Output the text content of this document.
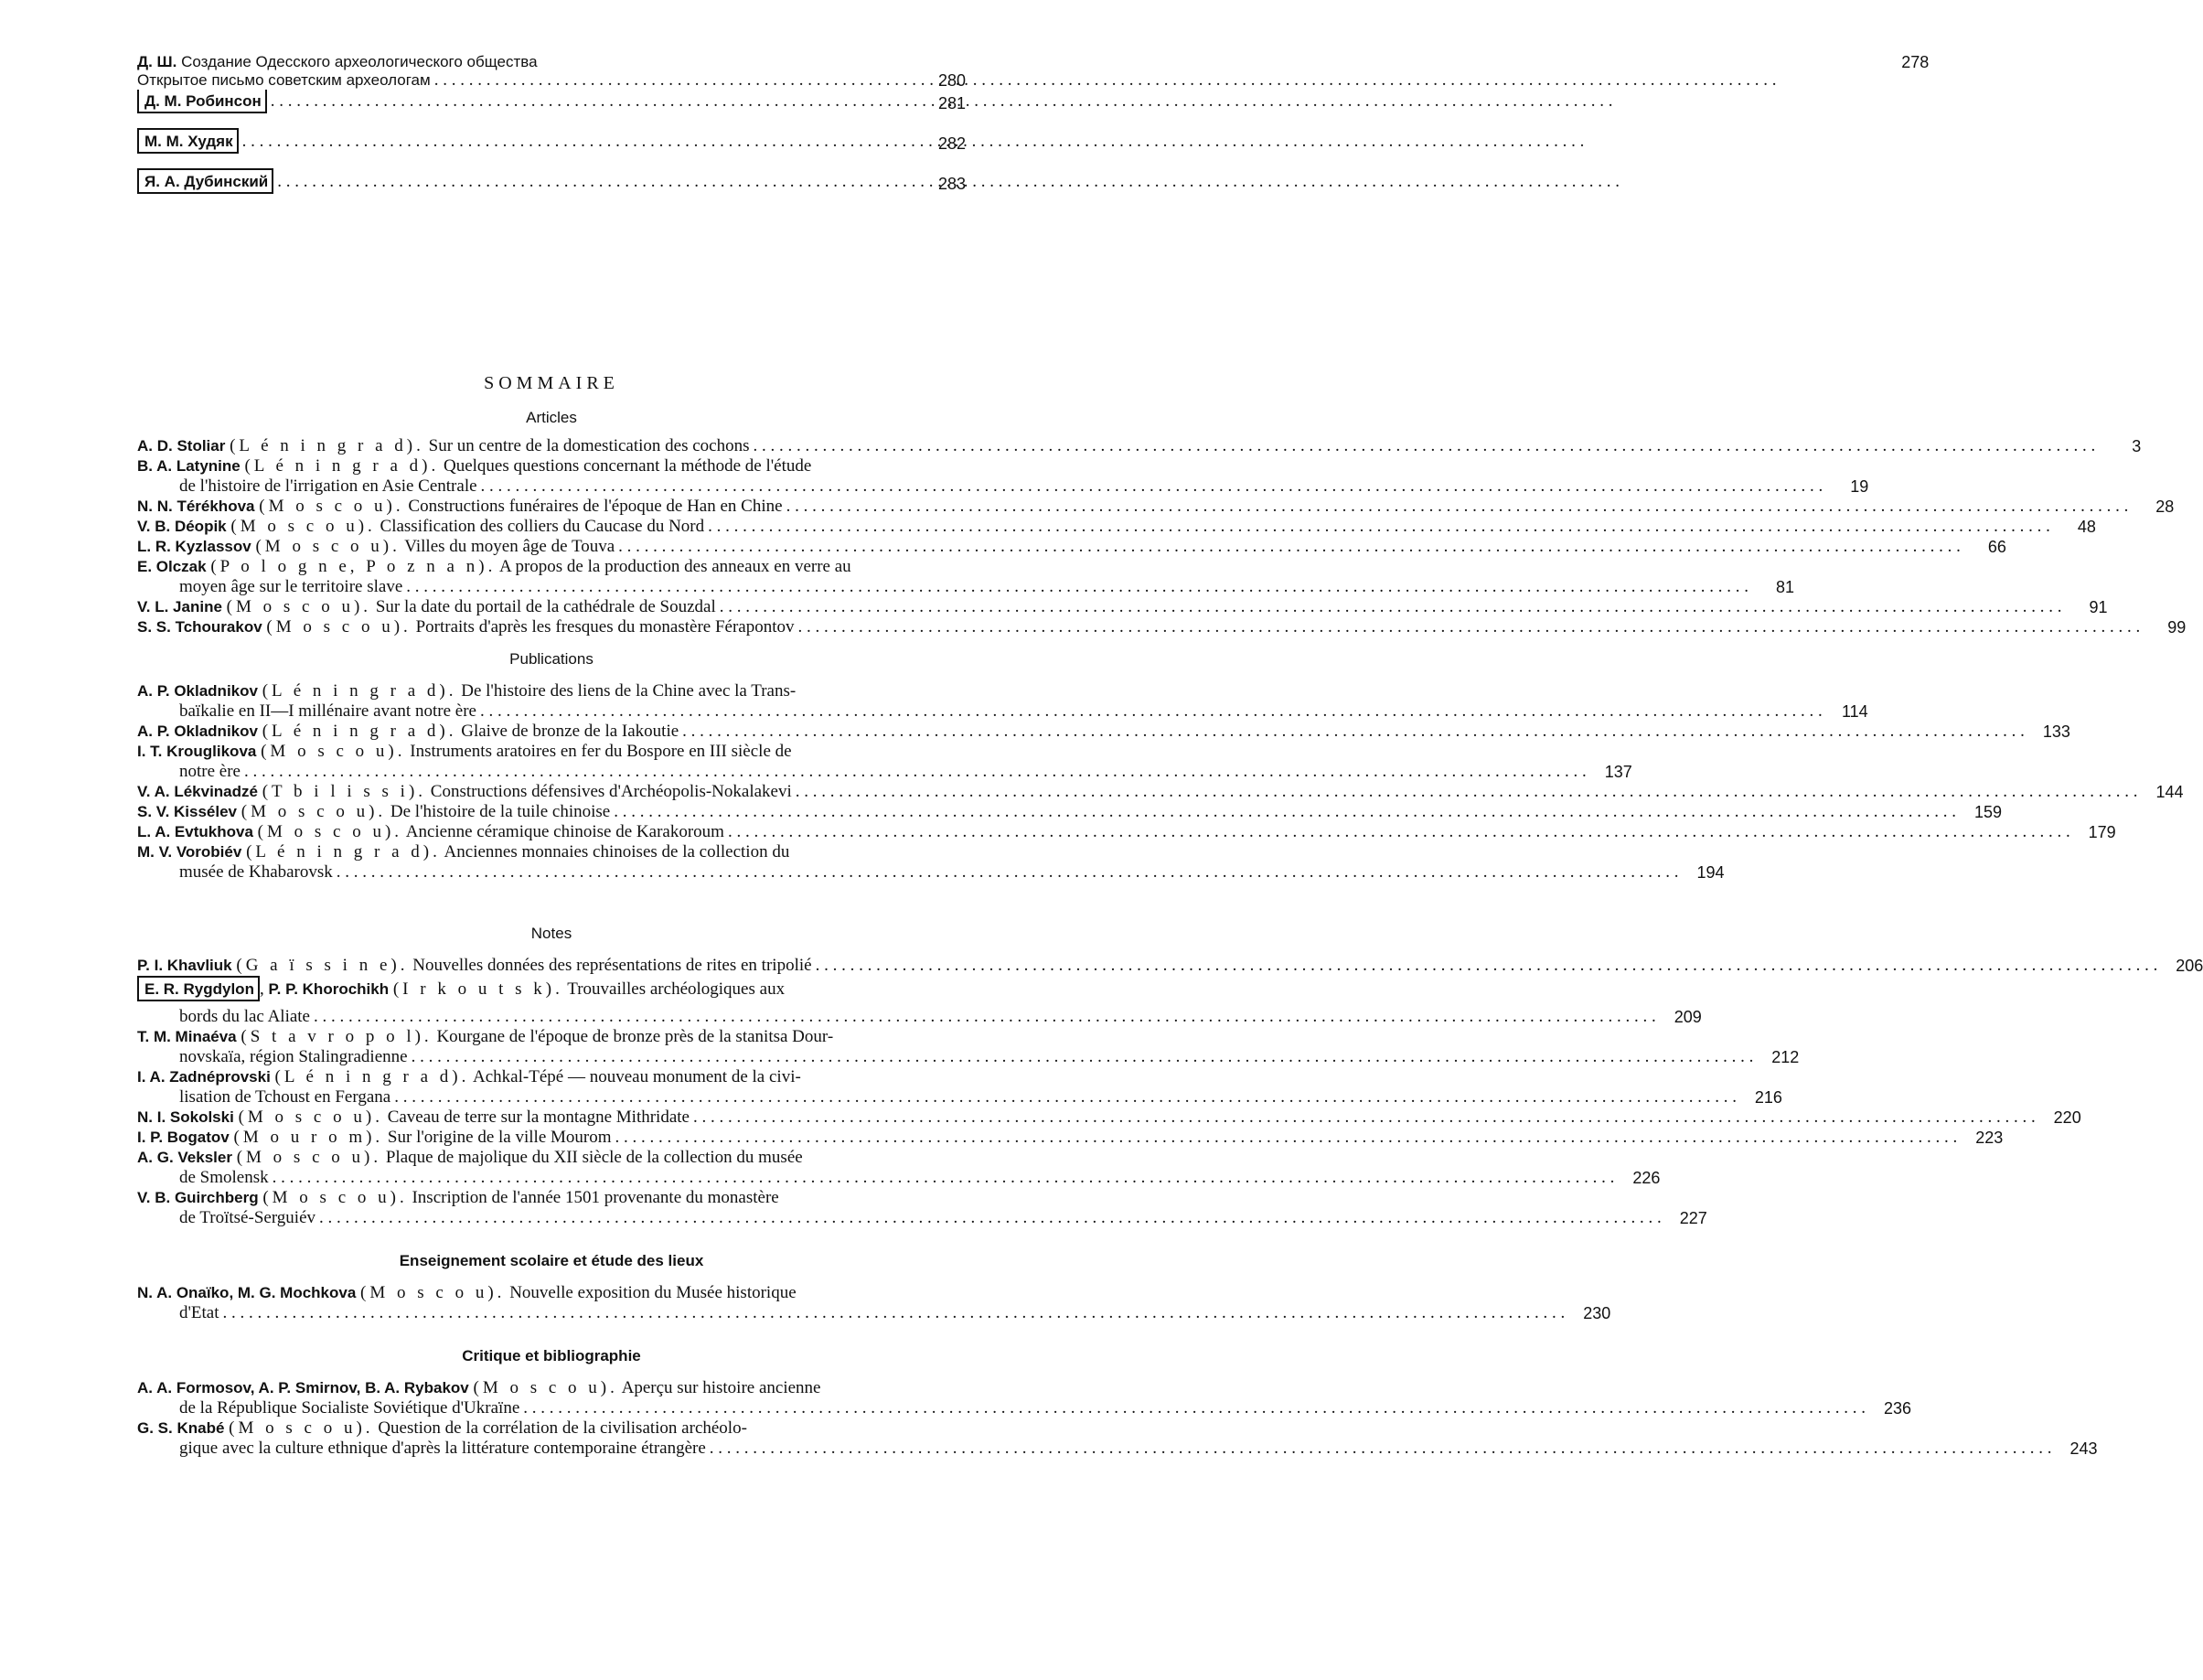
Д. Ш. Создание Одесского археологического общества	278
Открытое письмо советским археологам . . .	280
Д. М. Робинсон . . .	281
М. М. Худяк . . .	282
Я. А. Дубинский . . .	283
SOMMAIRE
Articles
A. D. Stoliar (L é n i n g r a d). Sur un centre de la domestication des cochons . . .	3
B. A. Latynine (L é n i n g r a d). Quelques questions concernant la méthode de l'étude
de l'histoire de l'irrigation en Asie Centrale . . .	19
N. N. Térékhova (M o s c o u). Constructions funéraires de l'époque de Han en Chine . . .	28
V. B. Déopik (M o s c o u). Classification des colliers du Caucase du Nord . . .	48
L. R. Kyzlassov (M o s c o u). Villes du moyen âge de Touva . . .	66
E. Olczak (P o l o g n e, P o z n a n). A propos de la production des anneaux en verre au
moyen âge sur le territoire slave . . .	81
V. L. Janine (M o s c o u). Sur la date du portail de la cathédrale de Souzdal . . .	91
S. S. Tchourakov (M o s c o u). Portraits d'après les fresques du monastère Férapontov . . .	99
Publications
A. P. Okladnikov (L é n i n g r a d). De l'histoire des liens de la Chine avec la Trans-
baïkalie en II—I millénaire avant notre ère . . .	114
A. P. Okladnikov (L é n i n g r a d). Glaive de bronze de la Iakoutie . . .	133
I. T. Krouglikova (M o s c o u). Instruments aratoires en fer du Bospore en III siècle de
notre ère . . .	137
V. A. Lékvinadzé (T b i l i s s i). Constructions défensives d'Archéopolis-Nokalakevi . . .	144
S. V. Kissélev (M o s c o u). De l'histoire de la tuile chinoise . . .	159
L. A. Evtukhova (M o s c o u). Ancienne céramique chinoise de Karakoroum . . .	179
M. V. Vorobiév (L é n i n g r a d). Anciennes monnaies chinoises de la collection du
musée de Khabarovsk . . .	194
Notes
P. I. Khavliuk (G a ï s s i n e). Nouvelles données des représentations de rites en tripolié . . .	206
E. R. Rygdylon , P. P. Khorochikh (I r k o u t s k). Trouvailles archéologiques aux
bords du lac Aliate . . .	209
T. M. Minaéva (S t a v r o p o l). Kourgane de l'époque de bronze près de la stanitsa Dour-
novskaïa, région Stalingradienne . . .	212
I. A. Zadnéprovski (L é n i n g r a d). Achkal-Tépé — nouveau monument de la civi-
lisation de Tchoust en Fergana . . .	216
N. I. Sokolski (M o s c o u). Caveau de terre sur la montagne Mithridate . . .	220
I. P. Bogatov (M o u r o m). Sur l'origine de la ville Mourom . . .	223
A. G. Veksler (M o s c o u). Plaque de majolique du XII siècle de la collection du musée
de Smolensk . . .	226
V. B. Guirchberg (M o s c o u). Inscription de l'année 1501 provenante du monastère
de Troïtsé-Serguiév . . .	227
Enseignement scolaire et étude des lieux
N. A. Onaïko, M. G. Mochkova (M o s c o u). Nouvelle exposition du Musée historique
d'Etat . . .	230
Critique et bibliographie
A. A. Formosov, A. P. Smirnov, B. A. Rybakov (M o s c o u). Aperçu sur histoire ancienne
de la République Socialiste Soviétique d'Ukraïne . . .	236
G. S. Knabé (M o s c o u). Question de la corrélation de la civilisation archéolo-
gique avec la culture ethnique d'après la littérature contemporaine étrangère . . .	243
